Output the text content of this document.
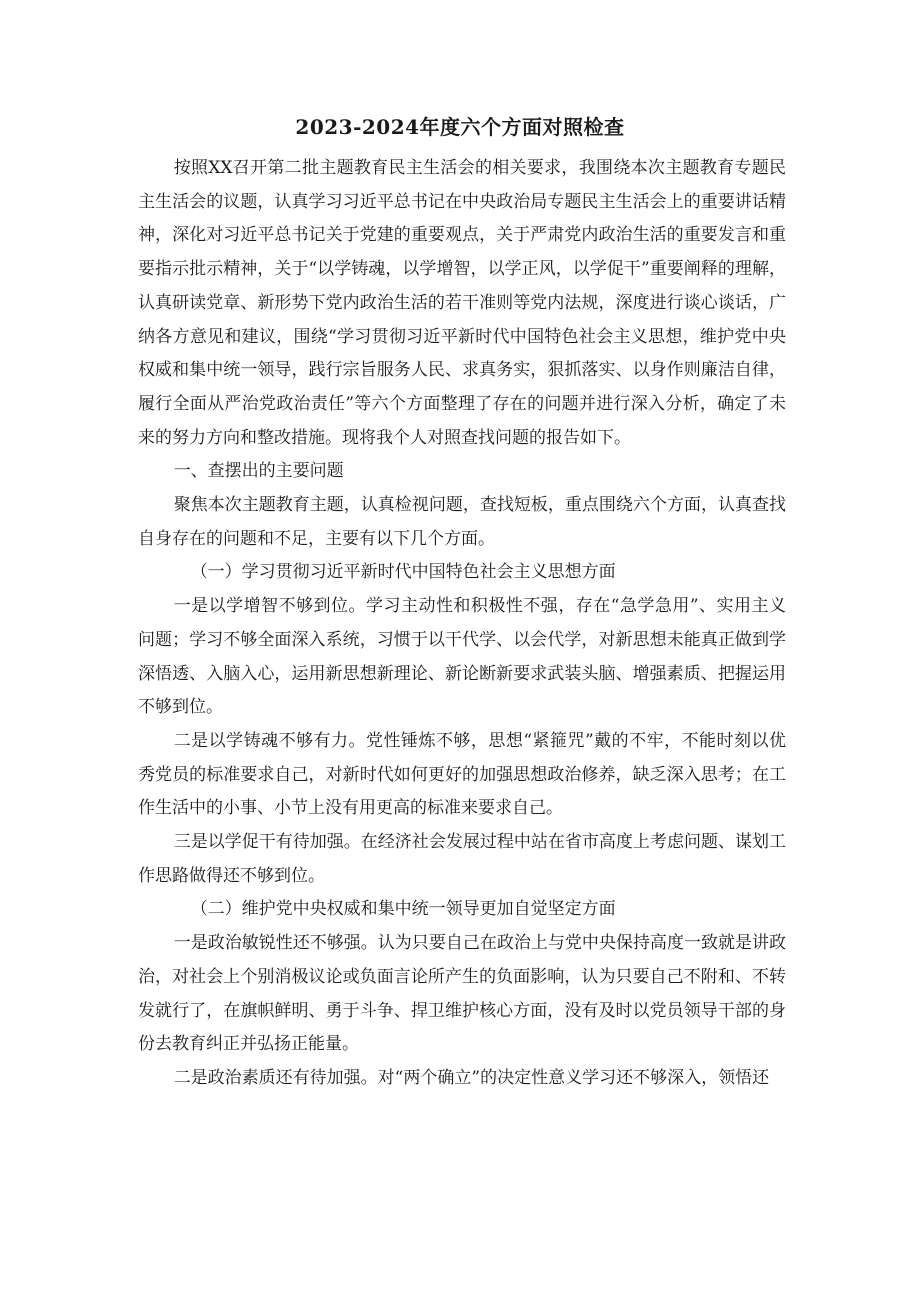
2023-2024年度六个方面对照检查

按照XX召开第二批主题教育民主生活会的相关要求，我围绕本次主题教育专题民主生活会的议题，认真学习习近平总书记在中央政治局专题民主生活会上的重要讲话精神，深化对习近平总书记关于党建的重要观点，关于严肃党内政治生活的重要发言和重要指示批示精神，关于“以学铸魂，以学增智，以学正风，以学促干”重要阐释的理解，认真研读党章、新形势下党内政治生活的若干准则等党内法规，深度进行谈心谈话，广纳各方意见和建议，围绕“学习贯彻习近平新时代中国特色社会主义思想，维护党中央权威和集中统一领导，践行宗旨服务人民、求真务实，狠抓落实、以身作则廉洁自律，履行全面从严治党政治责任”等六个方面整理了存在的问题并进行深入分析，确定了未来的努力方向和整改措施。现将我个人对照查找问题的报告如下。

一、查摆出的主要问题

聚焦本次主题教育主题，认真检视问题，查找短板，重点围绕六个方面，认真查找自身存在的问题和不足，主要有以下几个方面。

（一）学习贯彻习近平新时代中国特色社会主义思想方面

一是以学增智不够到位。学习主动性和积极性不强，存在“急学急用”、实用主义问题；学习不够全面深入系统，习惯于以干代学、以会代学，对新思想未能真正做到学深悟透、入脑入心，运用新思想新理论、新论断新要求武装头脑、增强素质、把握运用不够到位。

二是以学铸魂不够有力。党性锤炼不够，思想“紧箍咒”戴的不牢，不能时刻以优秀党员的标准要求自己，对新时代如何更好的加强思想政治修养，缺乏深入思考；在工作生活中的小事、小节上没有用更高的标准来要求自己。

三是以学促干有待加强。在经济社会发展过程中站在省市高度上考虑问题、谋划工作思路做得还不够到位。

（二）维护党中央权威和集中统一领导更加自觉坚定方面

一是政治敏锐性还不够强。认为只要自己在政治上与党中央保持高度一致就是讲政治，对社会上个别消极议论或负面言论所产生的负面影响，认为只要自己不附和、不转发就行了，在旗帜鲜明、勇于斗争、捍卫维护核心方面，没有及时以党员领导干部的身份去教育纠正并弘扬正能量。

二是政治素质还有待加强。对“两个确立”的决定性意义学习还不够深入，领悟还
